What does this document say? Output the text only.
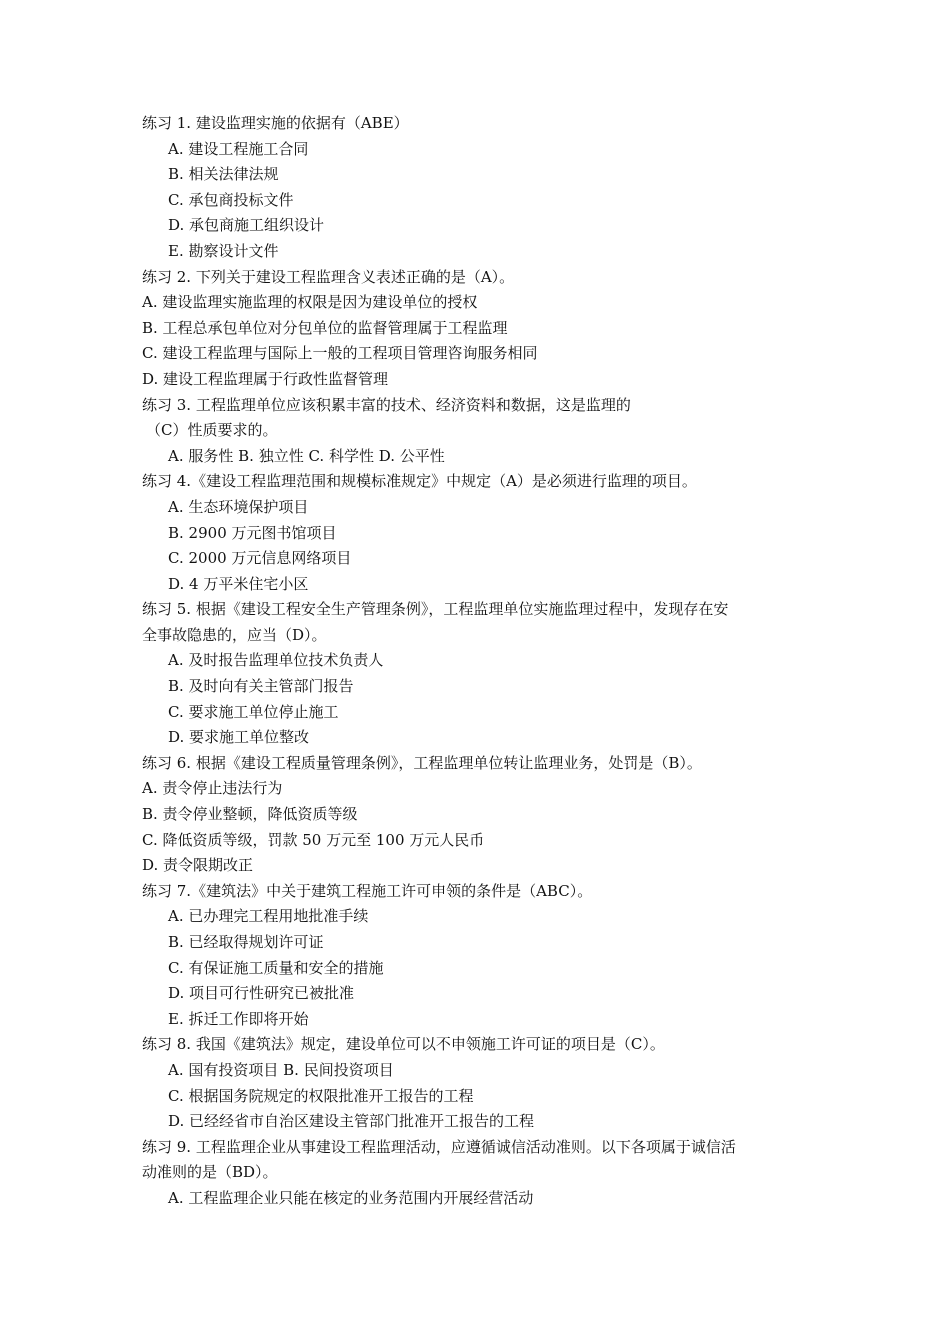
练习 1. 建设监理实施的依据有（ABE）
A. 建设工程施工合同
B. 相关法律法规
C. 承包商投标文件
D. 承包商施工组织设计
E. 勘察设计文件
练习 2. 下列关于建设工程监理含义表述正确的是（A）。
A. 建设监理实施监理的权限是因为建设单位的授权
B. 工程总承包单位对分包单位的监督管理属于工程监理
C. 建设工程监理与国际上一般的工程项目管理咨询服务相同
D. 建设工程监理属于行政性监督管理
练习 3. 工程监理单位应该积累丰富的技术、经济资料和数据，这是监理的
（C）性质要求的。
A. 服务性 B. 独立性 C. 科学性 D. 公平性
练习 4.《建设工程监理范围和规模标准规定》中规定（A）是必须进行监理的项目。
A. 生态环境保护项目
B. 2900 万元图书馆项目
C. 2000 万元信息网络项目
D. 4 万平米住宅小区
练习 5. 根据《建设工程安全生产管理条例》，工程监理单位实施监理过程中，发现存在安
全事故隐患的，应当（D）。
A. 及时报告监理单位技术负责人
B. 及时向有关主管部门报告
C. 要求施工单位停止施工
D. 要求施工单位整改
练习 6. 根据《建设工程质量管理条例》，工程监理单位转让监理业务，处罚是（B）。
A. 责令停止违法行为
B. 责令停业整顿，降低资质等级
C. 降低资质等级，罚款 50 万元至 100 万元人民币
D. 责令限期改正
练习 7.《建筑法》中关于建筑工程施工许可申领的条件是（ABC）。
A. 已办理完工程用地批准手续
B. 已经取得规划许可证
C. 有保证施工质量和安全的措施
D. 项目可行性研究已被批准
E. 拆迁工作即将开始
练习 8. 我国《建筑法》规定，建设单位可以不申领施工许可证的项目是（C）。
A. 国有投资项目 B. 民间投资项目
C. 根据国务院规定的权限批准开工报告的工程
D. 已经经省市自治区建设主管部门批准开工报告的工程
练习 9. 工程监理企业从事建设工程监理活动，应遵循诚信活动准则。以下各项属于诚信活
动准则的是（BD）。
A. 工程监理企业只能在核定的业务范围内开展经营活动
